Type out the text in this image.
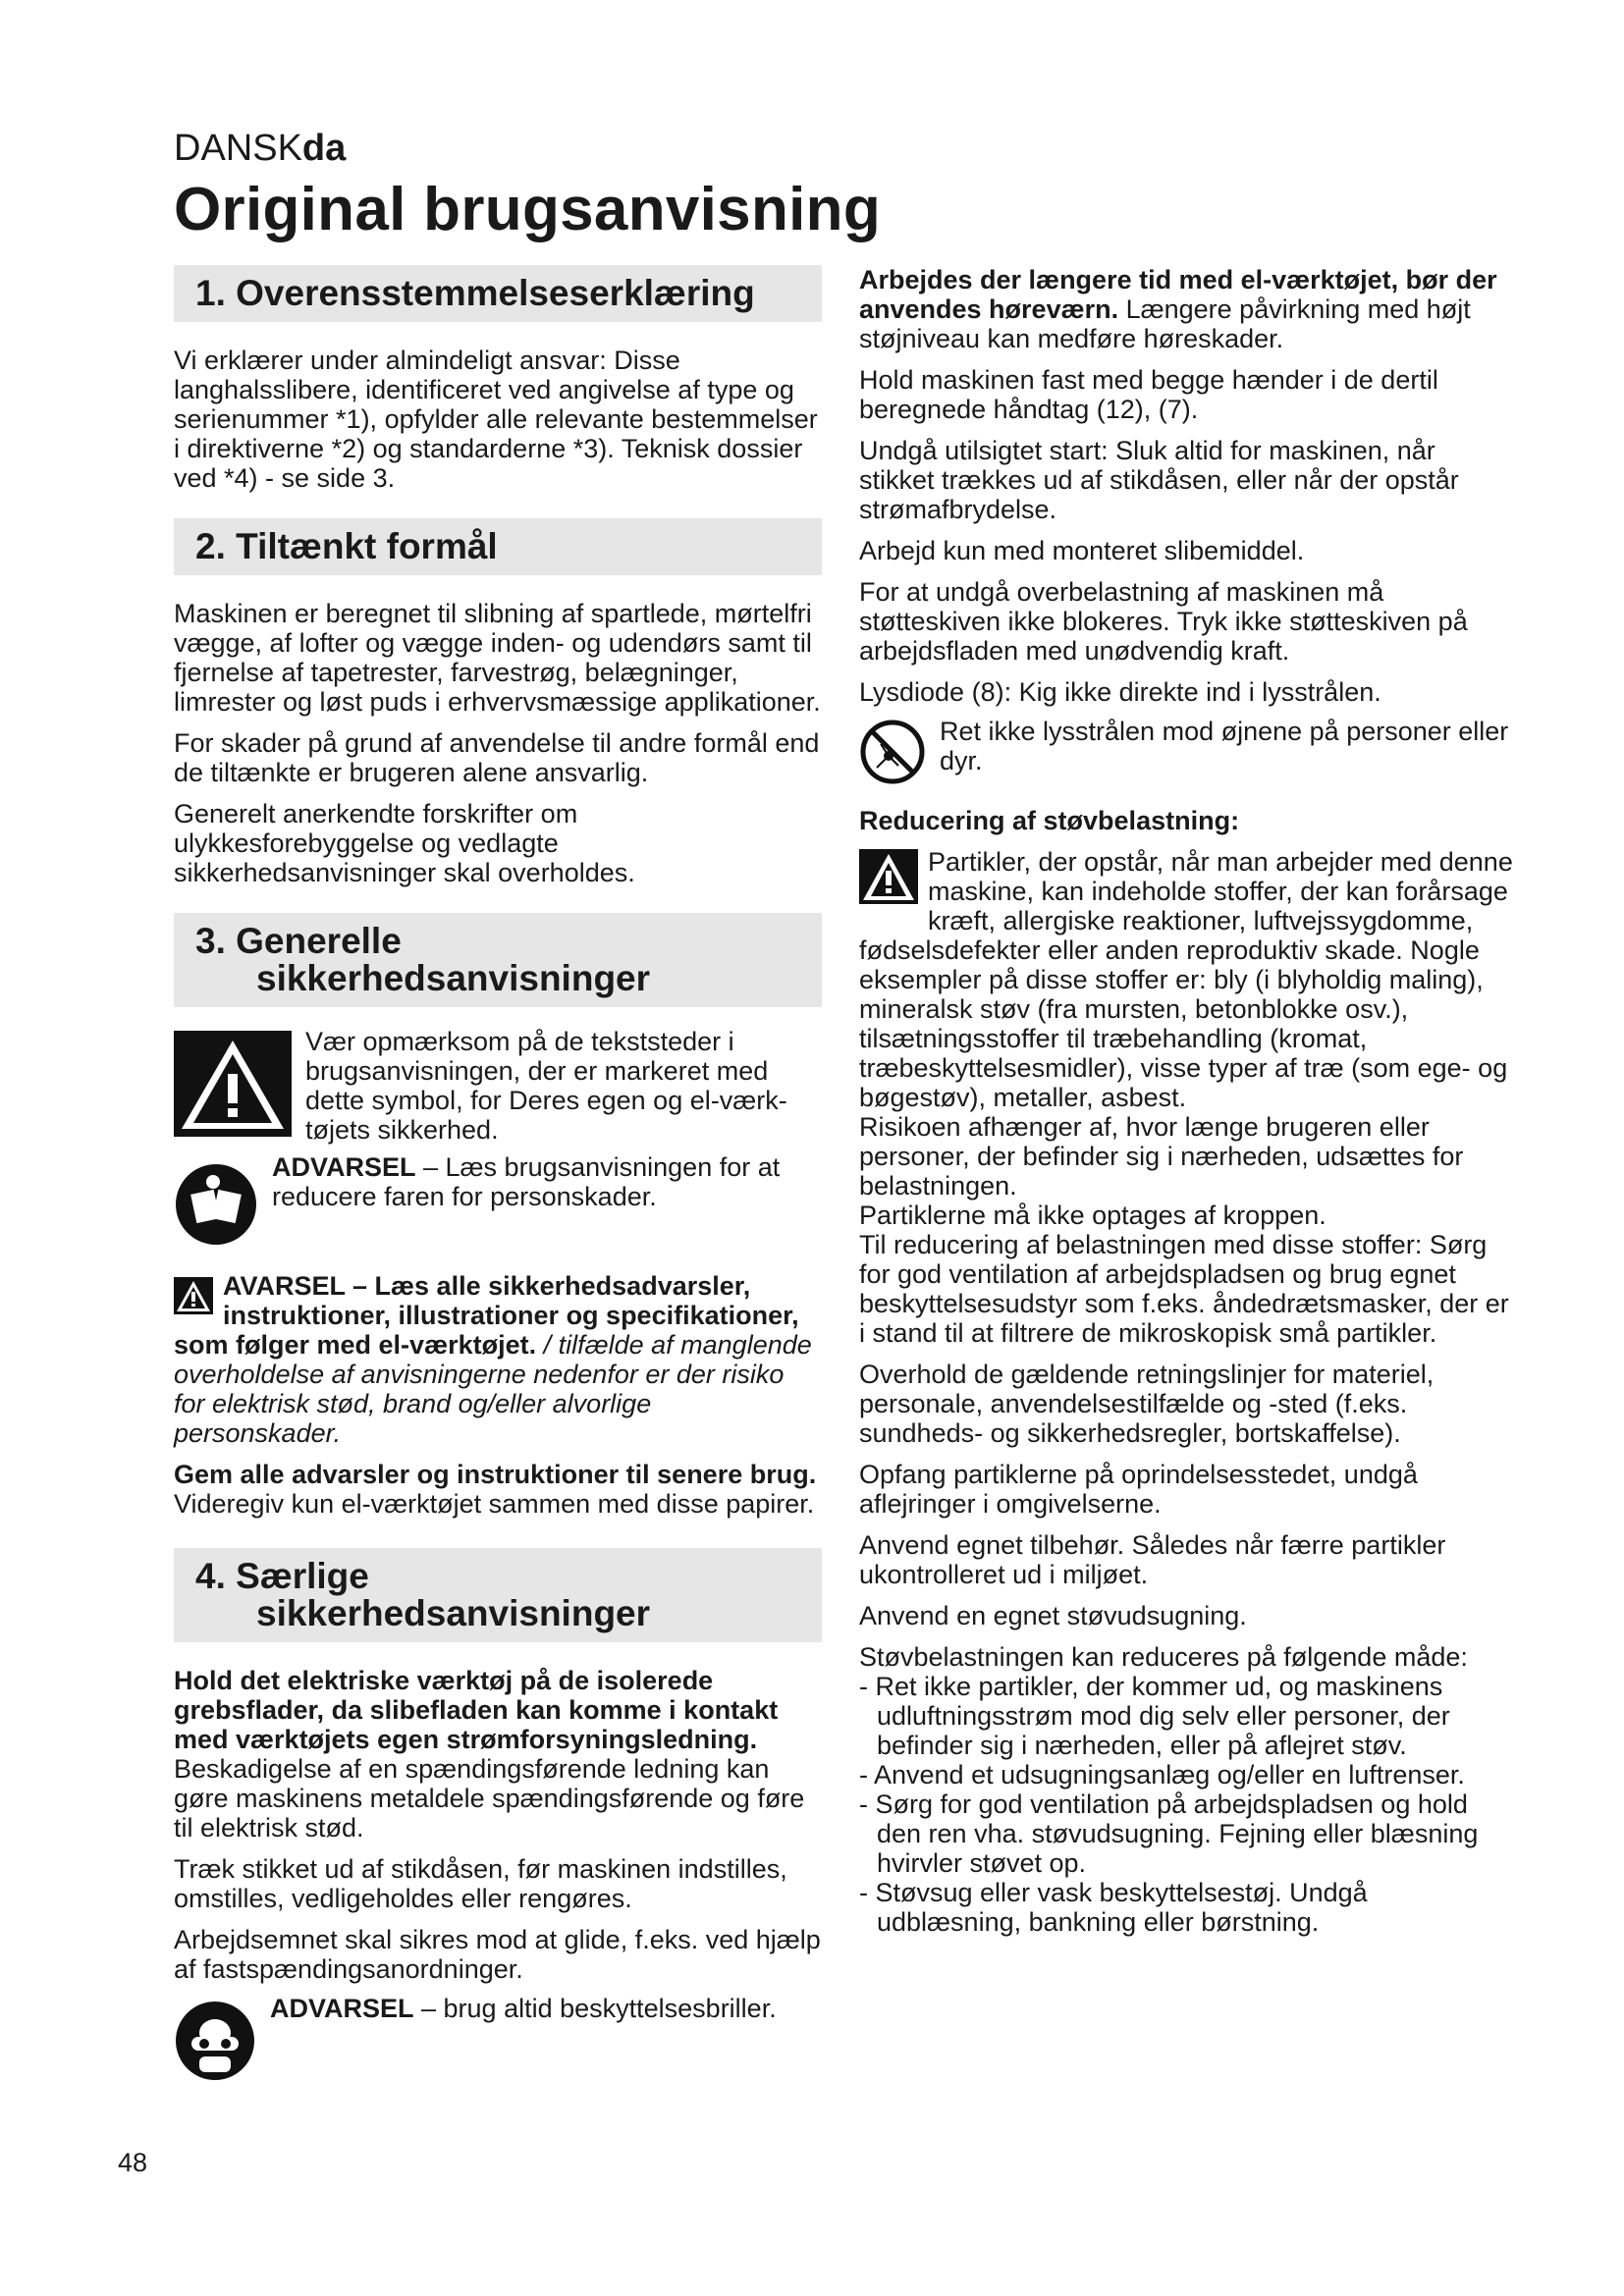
DANSKda
Original brugsanvisning
1. Overensstemmelseserklæring

Vi erklærer under almindeligt ansvar: Disse langhalsslibere, identificeret ved angivelse af type og serienummer *1), opfylder alle relevante bestemmelser i direktiverne *2) og standarderne *3). Teknisk dossier ved *4) - se side 3.

2. Tiltænkt formål

Maskinen er beregnet til slibning af spartlede, mørtelfri vægge, af lofter og vægge inden- og udendørs samt til fjernelse af tapetrester, farvestrøg, belægninger, limrester og løst puds i erhvervsmæssige applikationer.

For skader på grund af anvendelse til andre formål end de tiltænkte er brugeren alene ansvarlig.

Generelt anerkendte forskrifter om ulykkesforebyggelse og vedlagte sikkerhedsanvisninger skal overholdes.

3. Generelle
sikkerhedsanvisninger

Vær opmærksom på de tekststeder i brugsanvisningen, der er markeret med dette symbol, for Deres egen og el-værk-tøjets sikkerhed.

ADVARSEL – Læs brugsanvisningen for at reducere faren for personskader.

AVARSEL – Læs alle sikkerhedsadvarsler, instruktioner, illustrationer og specifikationer, som følger med el-værktøjet. / tilfælde af manglende overholdelse af anvisningerne nedenfor er der risiko for elektrisk stød, brand og/eller alvorlige personskader.

Gem alle advarsler og instruktioner til senere brug. Videregiv kun el-værktøjet sammen med disse papirer.

4. Særlige
sikkerhedsanvisninger

Hold det elektriske værktøj på de isolerede grebsflader, da slibefladen kan komme i kontakt med værktøjets egen strømforsyningsledning. Beskadigelse af en spændingsførende ledning kan gøre maskinens metaldele spændingsførende og føre til elektrisk stød.

Træk stikket ud af stikdåsen, før maskinen indstilles, omstilles, vedligeholdes eller rengøres.

Arbejdsemnet skal sikres mod at glide, f.eks. ved hjælp af fastspændingsanordninger.

ADVARSEL – brug altid beskyttelsesbriller.

Arbejdes der længere tid med el-værktøjet, bør der anvendes høreværn. Længere påvirkning med højt støjniveau kan medføre høreskader.

Hold maskinen fast med begge hænder i de dertil beregnede håndtag (12), (7).

Undgå utilsigtet start: Sluk altid for maskinen, når stikket trækkes ud af stikdåsen, eller når der opstår strømafbrydelse.

Arbejd kun med monteret slibemiddel.

For at undgå overbelastning af maskinen må støtteskiven ikke blokeres. Tryk ikke støtteskiven på arbejdsfladen med unødvendig kraft.

Lysdiode (8): Kig ikke direkte ind i lysstrålen.

Ret ikke lysstrålen mod øjnene på personer eller dyr.

Reducering af støvbelastning:

Partikler, der opstår, når man arbejder med denne maskine, kan indeholde stoffer, der kan forårsage kræft, allergiske reaktioner, luftvejssygdomme, fødselsdefekter eller anden reproduktiv skade. Nogle eksempler på disse stoffer er: bly (i blyholdig maling), mineralsk støv (fra mursten, betonblokke osv.), tilsætningsstoffer til træbehandling (kromat, træbeskyttelsesmidler), visse typer af træ (som ege- og bøgestøv), metaller, asbest.

Risikoen afhænger af, hvor længe brugeren eller personer, der befinder sig i nærheden, udsættes for belastningen.

Partiklerne må ikke optages af kroppen.

Til reducering af belastningen med disse stoffer: Sørg for god ventilation af arbejdspladsen og brug egnet beskyttelsesudstyr som f.eks. åndedrætsmasker, der er i stand til at filtrere de mikroskopisk små partikler.

Overhold de gældende retningslinjer for materiel, personale, anvendelsestilfælde og -sted (f.eks. sundheds- og sikkerhedsregler, bortskaffelse).

Opfang partiklerne på oprindelsesstedet, undgå aflejringer i omgivelserne.

Anvend egnet tilbehør. Således når færre partikler ukontrolleret ud i miljøet.

Anvend en egnet støvudsugning.

Støvbelastningen kan reduceres på følgende måde:

- Ret ikke partikler, der kommer ud, og maskinens udluftningsstrøm mod dig selv eller personer, der befinder sig i nærheden, eller på aflejret støv.

- Anvend et udsugningsanlæg og/eller en luftrenser.

- Sørg for god ventilation på arbejdspladsen og hold den ren vha. støvudsugning. Fejning eller blæsning hvirvler støvet op.

- Støvsug eller vask beskyttelsestøj. Undgå udblæsning, bankning eller børstning.

48
